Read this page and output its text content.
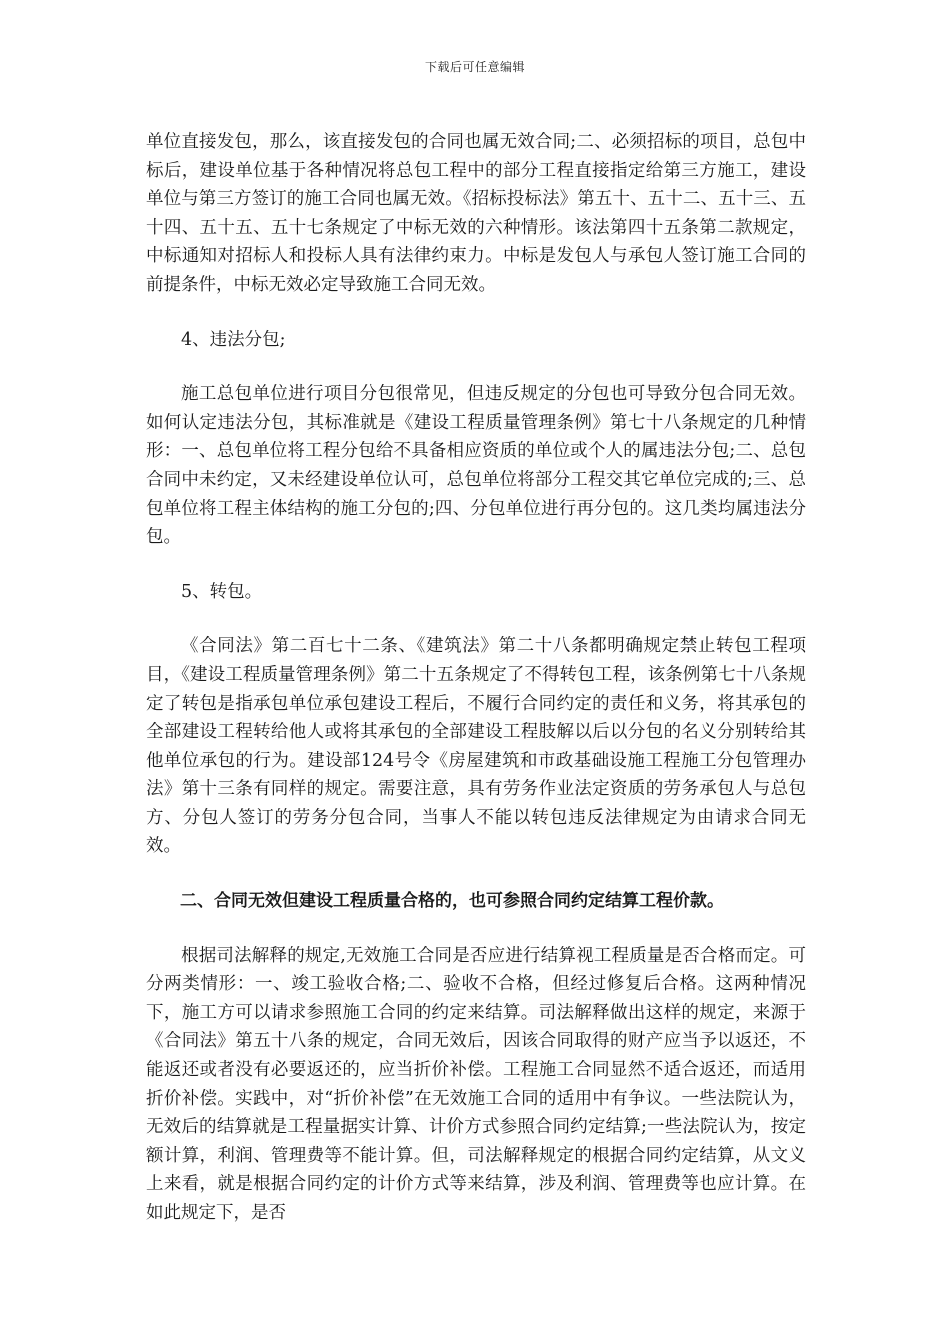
下载后可任意编辑

单位直接发包，那么，该直接发包的合同也属无效合同;二、必须招标的项目，总包中标后，建设单位基于各种情况将总包工程中的部分工程直接指定给第三方施工，建设单位与第三方签订的施工合同也属无效。《招标投标法》第五十、五十二、五十三、五十四、五十五、五十七条规定了中标无效的六种情形。该法第四十五条第二款规定，中标通知对招标人和投标人具有法律约束力。中标是发包人与承包人签订施工合同的前提条件，中标无效必定导致施工合同无效。

4、违法分包;

施工总包单位进行项目分包很常见，但违反规定的分包也可导致分包合同无效。如何认定违法分包，其标准就是《建设工程质量管理条例》第七十八条规定的几种情形：一、总包单位将工程分包给不具备相应资质的单位或个人的属违法分包;二、总包合同中未约定，又未经建设单位认可，总包单位将部分工程交其它单位完成的;三、总包单位将工程主体结构的施工分包的;四、分包单位进行再分包的。这几类均属违法分包。

5、转包。

《合同法》第二百七十二条、《建筑法》第二十八条都明确规定禁止转包工程项目，《建设工程质量管理条例》第二十五条规定了不得转包工程，该条例第七十八条规定了转包是指承包单位承包建设工程后，不履行合同约定的责任和义务，将其承包的全部建设工程转给他人或将其承包的全部建设工程肢解以后以分包的名义分别转给其他单位承包的行为。建设部124号令《房屋建筑和市政基础设施工程施工分包管理办法》第十三条有同样的规定。需要注意，具有劳务作业法定资质的劳务承包人与总包方、分包人签订的劳务分包合同，当事人不能以转包违反法律规定为由请求合同无效。

二、合同无效但建设工程质量合格的，也可参照合同约定结算工程价款。

根据司法解释的规定,无效施工合同是否应进行结算视工程质量是否合格而定。可分两类情形：一、竣工验收合格;二、验收不合格，但经过修复后合格。这两种情况下，施工方可以请求参照施工合同的约定来结算。司法解释做出这样的规定，来源于《合同法》第五十八条的规定，合同无效后，因该合同取得的财产应当予以返还，不能返还或者没有必要返还的，应当折价补偿。工程施工合同显然不适合返还，而适用折价补偿。实践中，对“折价补偿”在无效施工合同的适用中有争议。一些法院认为，无效后的结算就是工程量据实计算、计价方式参照合同约定结算;一些法院认为，按定额计算，利润、管理费等不能计算。但，司法解释规定的根据合同约定结算，从文义上来看，就是根据合同约定的计价方式等来结算，涉及利润、管理费等也应计算。在如此规定下，是否
